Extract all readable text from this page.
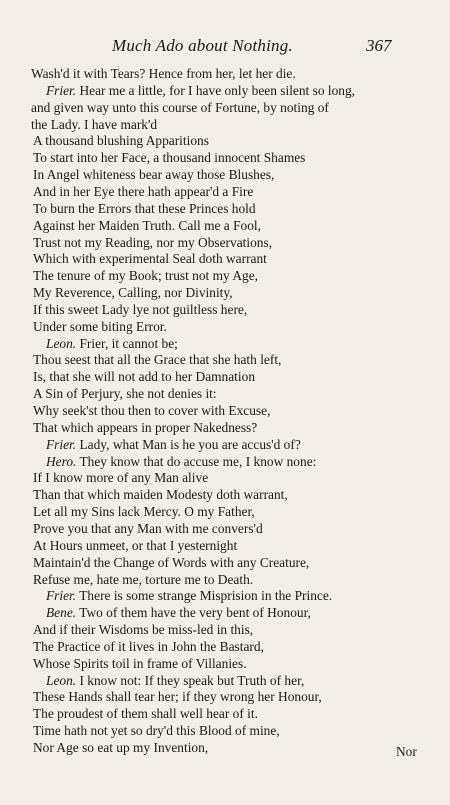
Much Ado about Nothing.	367
Wash'd it with Tears? Hence from her, let her die.
Frier. Hear me a little, for I have only been silent so long,
and given way unto this course of Fortune, by noting of
the Lady. I have mark'd
A thousand blushing Apparitions
To start into her Face, a thousand innocent Shames
In Angel whiteness bear away those Blushes,
And in her Eye there hath appear'd a Fire
To burn the Errors that these Princes hold
Against her Maiden Truth. Call me a Fool,
Trust not my Reading, nor my Observations,
Which with experimental Seal doth warrant
The tenure of my Book; trust not my Age,
My Reverence, Calling, nor Divinity,
If this sweet Lady lye not guiltless here,
Under some biting Error.
Leon. Frier, it cannot be;
Thou seest that all the Grace that she hath left,
Is, that she will not add to her Damnation
A Sin of Perjury, she not denies it:
Why seek'st thou then to cover with Excuse,
That which appears in proper Nakedness?
Frier. Lady, what Man is he you are accus'd of?
Hero. They know that do accuse me, I know none:
If I know more of any Man alive
Than that which maiden Modesty doth warrant,
Let all my Sins lack Mercy. O my Father,
Prove you that any Man with me convers'd
At Hours unmeet, or that I yesternight
Maintain'd the Change of Words with any Creature,
Refuse me, hate me, torture me to Death.
Frier. There is some strange Misprision in the Prince.
Bene. Two of them have the very bent of Honour,
And if their Wisdoms be miss-led in this,
The Practice of it lives in John the Bastard,
Whose Spirits toil in frame of Villanies.
Leon. I know not: If they speak but Truth of her,
These Hands shall tear her; if they wrong her Honour,
The proudest of them shall well hear of it.
Time hath not yet so dry'd this Blood of mine,
Nor Age so eat up my Invention,	Nor
